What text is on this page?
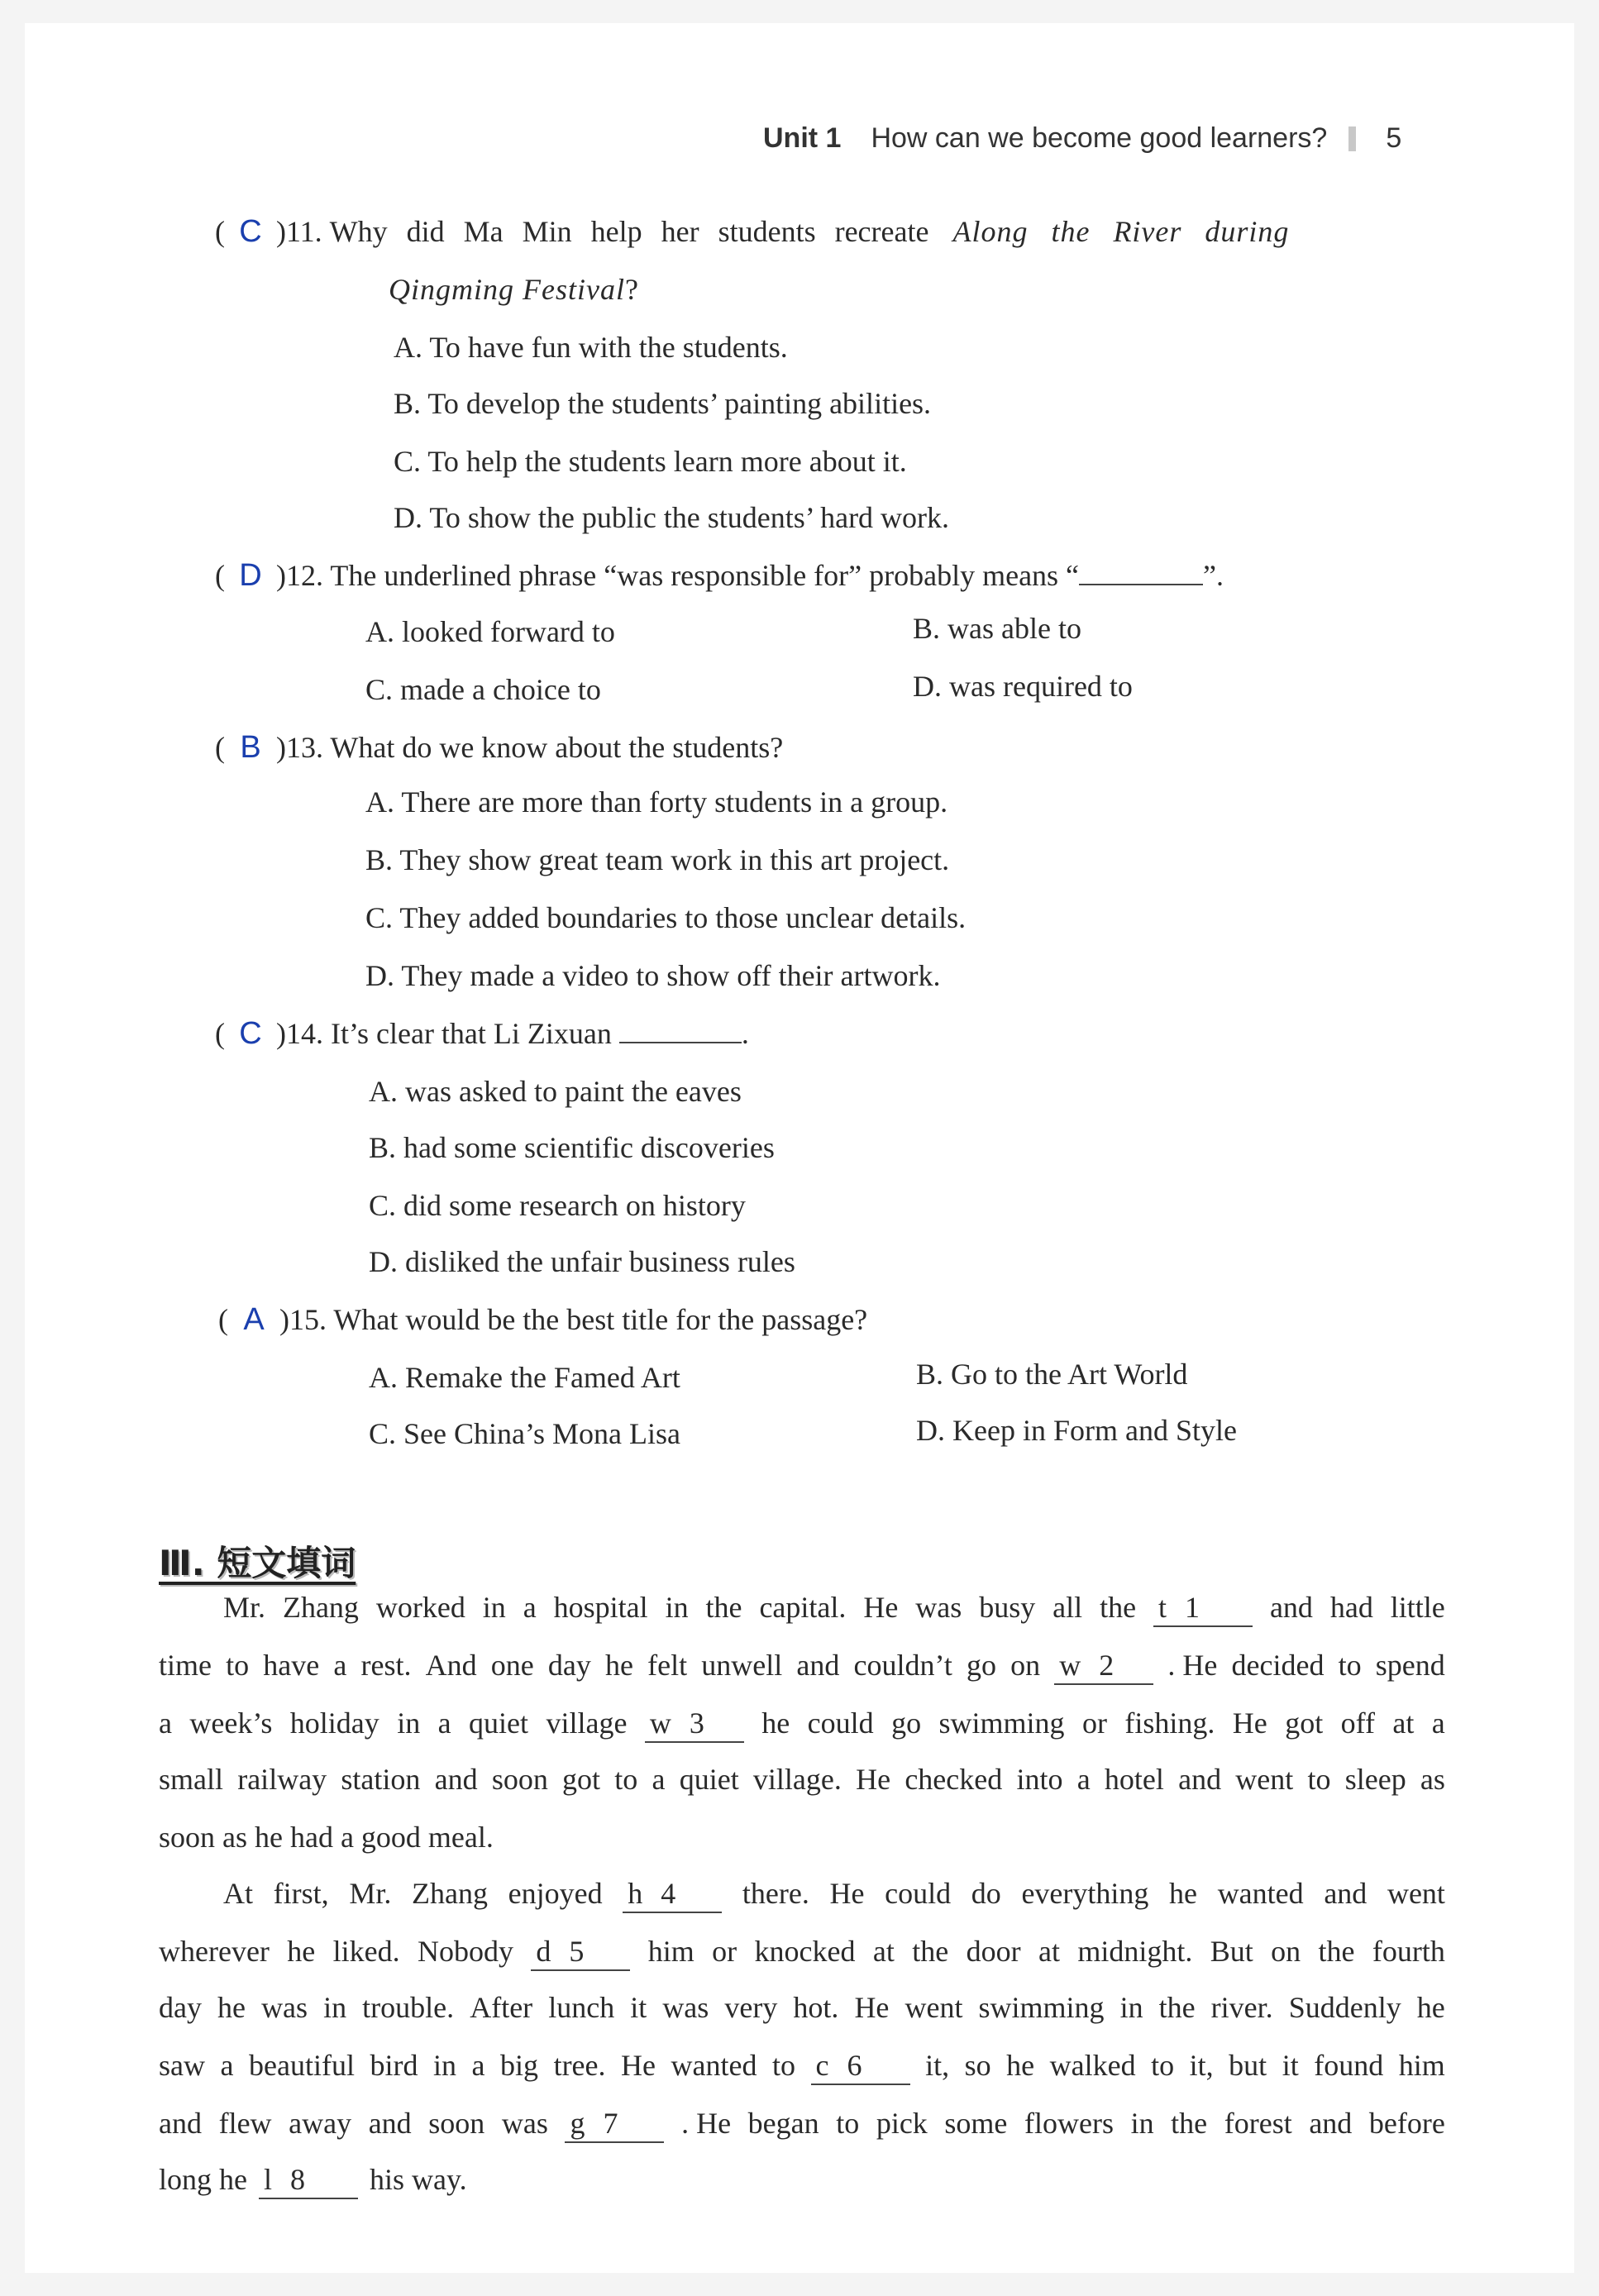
Unit 1 How can we become good learners? 5
( C )11. Why did Ma Min help her students recreate Along the River during
Qingming Festival?
A. To have fun with the students.
B. To develop the students’ painting abilities.
C. To help the students learn more about it.
D. To show the public the students’ hard work.
( D )12. The underlined phrase “was responsible for” probably means “	”.
A. looked forward to	B. was able to
C. made a choice to	D. was required to
( B )13. What do we know about the students?
A. There are more than forty students in a group.
B. They show great team work in this art project.
C. They added boundaries to those unclear details.
D. They made a video to show off their artwork.
( C )14. It’s clear that Li Zixuan	.
A. was asked to paint the eaves
B. had some scientific discoveries
C. did some research on history
D. disliked the unfair business rules
( A )15. What would be the best title for the passage?
A. Remake the Famed Art	B. Go to the Art World
C. See China’s Mona Lisa	D. Keep in Form and Style
Ⅲ. 短文填词
Mr. Zhang worked in a hospital in the capital. He was busy all the t 1	and had little
time to have a rest. And one day he felt unwell and couldn’t go on w 2	. He decided to spend
a week’s holiday in a quiet village w 3	he could go swimming or fishing. He got off at a
small railway station and soon got to a quiet village. He checked into a hotel and went to sleep as
soon as he had a good meal.
At first, Mr. Zhang enjoyed h 4	there. He could do everything he wanted and went
wherever he liked. Nobody d 5	him or knocked at the door at midnight. But on the fourth
day he was in trouble. After lunch it was very hot. He went swimming in the river. Suddenly he
saw a beautiful bird in a big tree. He wanted to c 6	it, so he walked to it, but it found him
and flew away and soon was g 7	. He began to pick some flowers in the forest and before
long he l 8	his way.
